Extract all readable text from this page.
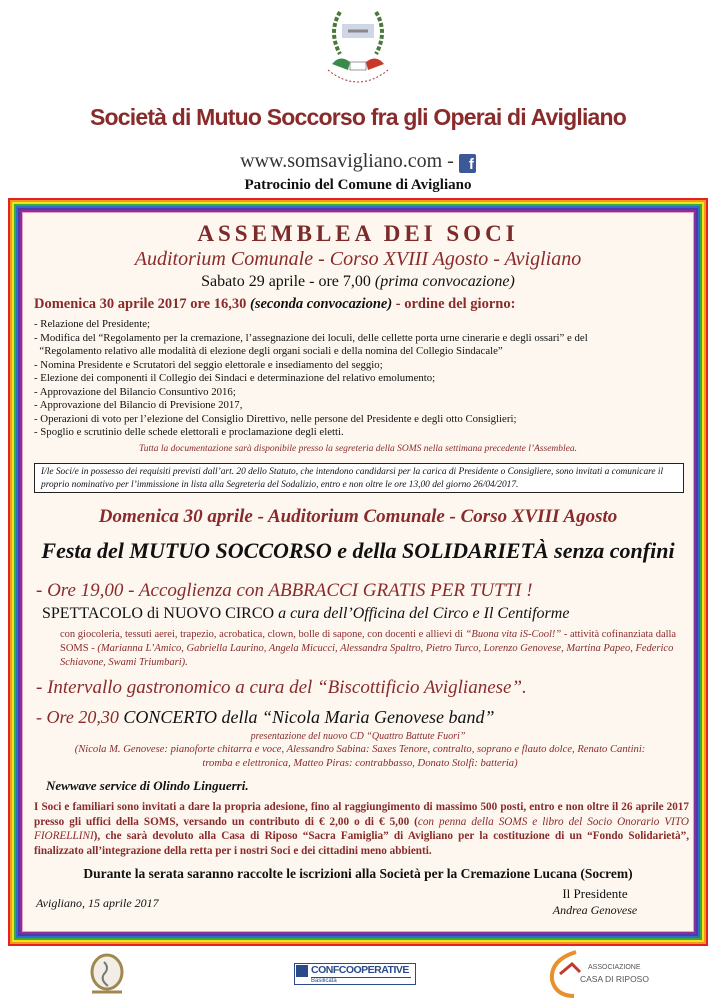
Società di Mutuo Soccorso fra gli Operai di Avigliano
www.somsavigliano.com - f
Patrocinio del Comune di Avigliano
ASSEMBLEA DEI SOCI
Auditorium Comunale - Corso XVIII Agosto - Avigliano
Sabato 29 aprile - ore 7,00 (prima convocazione)
Domenica 30 aprile 2017 ore 16,30 (seconda convocazione) - ordine del giorno:
- Relazione del Presidente;
- Modifica del “Regolamento per la cremazione, l’assegnazione dei loculi, delle cellette porta urne cinerarie e degli ossari” e del
“Regolamento relativo alle modalità di elezione degli organi sociali e della nomina del Collegio Sindacale”
- Nomina Presidente e Scrutatori del seggio elettorale e insediamento del seggio;
- Elezione dei componenti il Collegio dei Sindaci e determinazione del relativo emolumento;
- Approvazione del Bilancio Consuntivo 2016;
- Approvazione del Bilancio di Previsione 2017,
- Operazioni di voto per l’elezione del Consiglio Direttivo, nelle persone del Presidente e degli otto Consiglieri;
- Spoglio e scrutinio delle schede elettorali e proclamazione degli eletti.
Tutta la documentazione sarà disponibile presso la segreteria della SOMS nella settimana precedente l’Assemblea.
I/le Soci/e in possesso dei requisiti previsti dall’art. 20 dello Statuto, che intendono candidarsi per la carica di Presidente o Consigliere, sono invitati a comunicare il proprio nominativo per l’immissione in lista alla Segreteria del Sodalizio, entro e non oltre le ore 13,00 del giorno 26/04/2017.
Domenica 30 aprile - Auditorium Comunale - Corso XVIII Agosto
Festa del MUTUO SOCCORSO e della SOLIDARIETÀ senza confini
- Ore 19,00 - Accoglienza con ABBRACCI GRATIS PER TUTTI !
SPETTACOLO di NUOVO CIRCO a cura dell’Officina del Circo e Il Centiforme
con giocoleria, tessuti aerei, trapezio, acrobatica, clown, bolle di sapone, con docenti e allievi di “Buona vita iS-Cool!” - attività cofinanziata dalla SOMS - (Marianna L’Amico, Gabriella Laurino, Angela Micucci, Alessandra Spaltro, Pietro Turco, Lorenzo Genovese, Martina Papeo, Federico Schiavone, Swami Triumbari).
- Intervallo gastronomico a cura del “Biscottificio Aviglianese”.
- Ore 20,30 CONCERTO della “Nicola Maria Genovese band”
presentazione del nuovo CD “Quattro Battute Fuori”
(Nicola M. Genovese: pianoforte chitarra e voce, Alessandro Sabina: Saxes Tenore, contralto, soprano e flauto dolce, Renato Cantini: tromba e elettronica, Matteo Piras: contrabbasso, Donato Stolfi: batteria)
Newwave service di Olindo Linguerri.
I Soci e familiari sono invitati a dare la propria adesione, fino al raggiungimento di massimo 500 posti, entro e non oltre il 26 aprile 2017 presso gli uffici della SOMS, versando un contributo di € 2,00 o di € 5,00 (con penna della SOMS e libro del Socio Onorario VITO FIORELLINI), che sarà devoluto alla Casa di Riposo “Sacra Famiglia” di Avigliano per la costituzione di un “Fondo Solidarietà”, finalizzato all’integrazione della retta per i nostri Soci e dei cittadini meno abbienti.
Durante la serata saranno raccolte le iscrizioni alla Società per la Cremazione Lucana (Socrem)
Avigliano, 15 aprile 2017
Il Presidente
Andrea Genovese
CONFCOOPERATIVE
Basilicata
ASSOCIAZIONE
CASA DI RIPOSO
